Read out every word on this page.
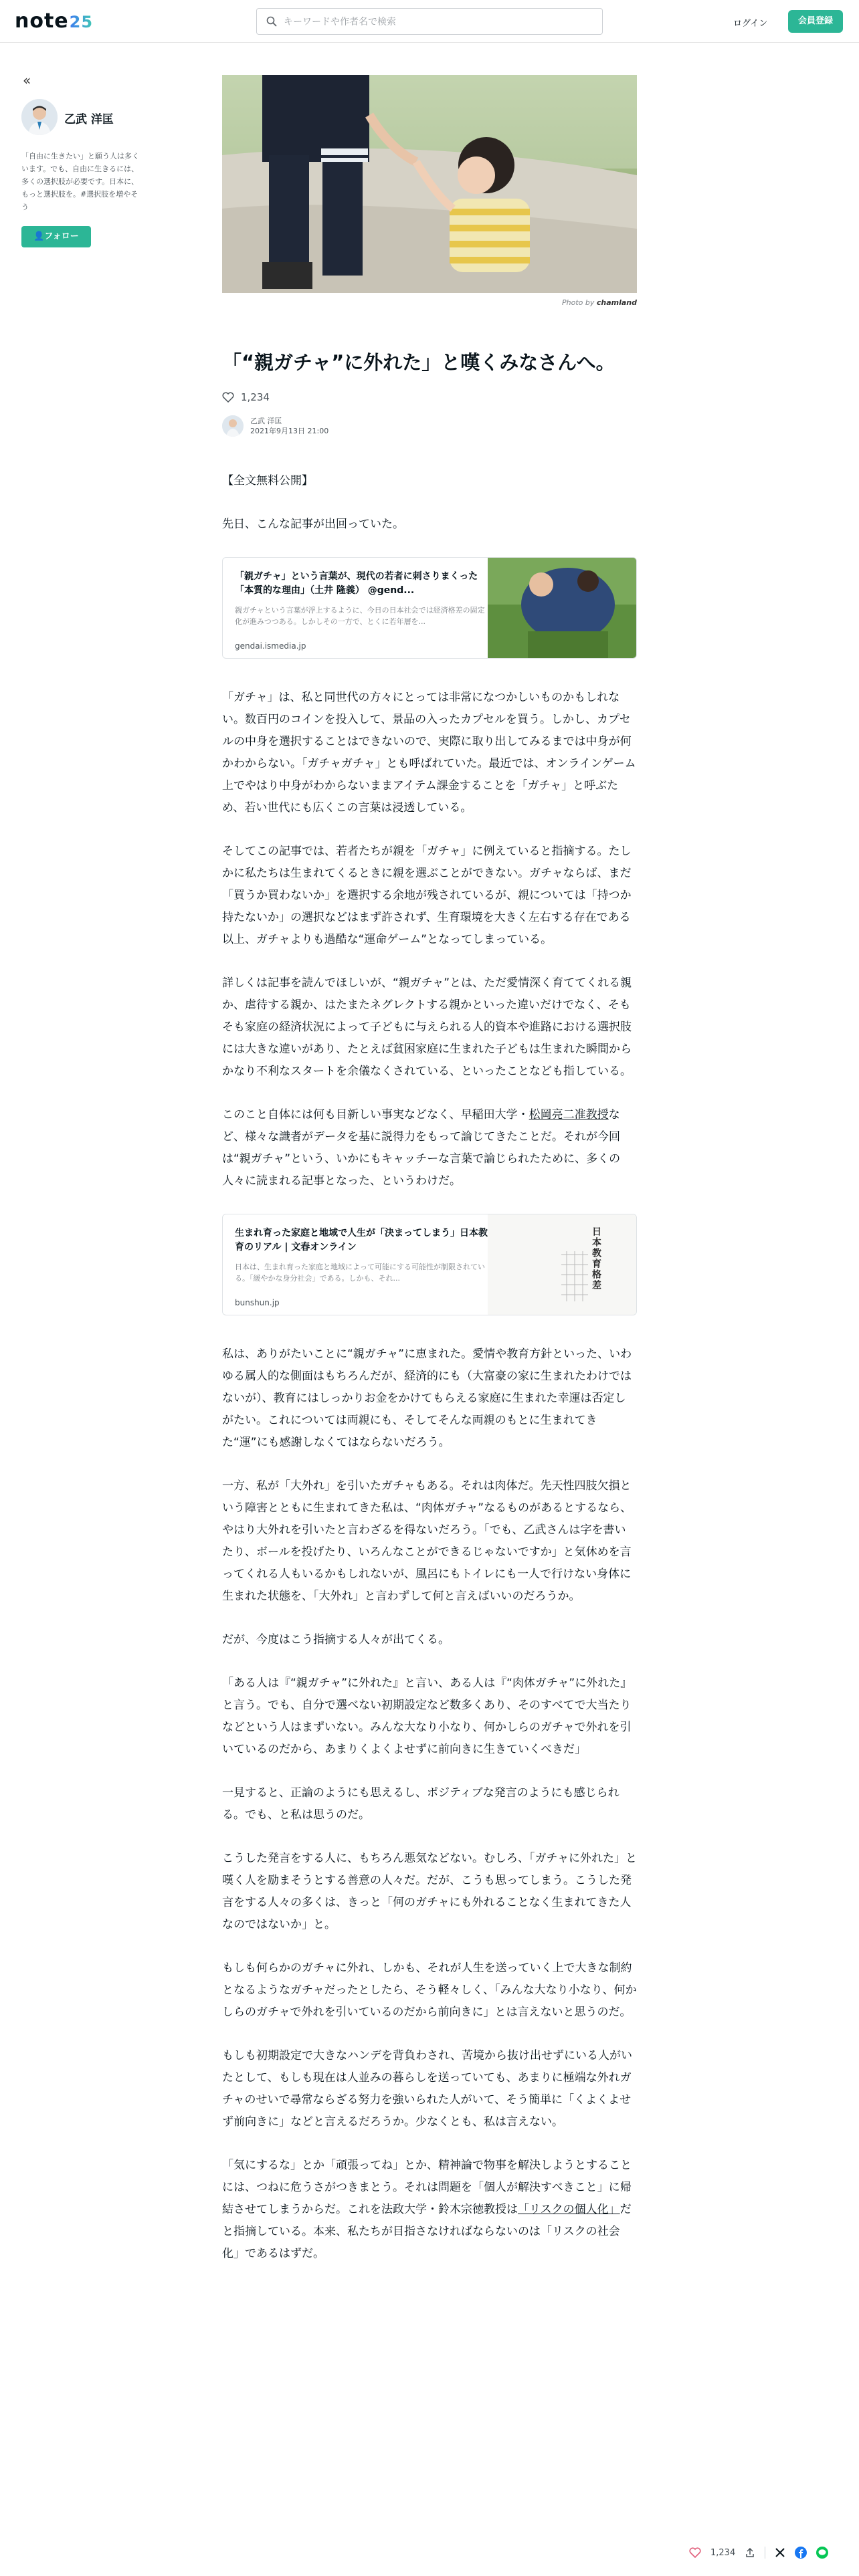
note25
キーワードや作者名で検索	ログイン	会員登録
«
乙武 洋匡
「自由に生きたい」と願う人は多くいます。でも、自由に生きるには、多くの選択肢が必要です。日本に、もっと選択肢を。#選択肢を増やそう
👤フォロー
Photo by chamland
「“親ガチャ”に外れた」と嘆くみなさんへ。
1,234
乙武 洋匡
2021年9月13日 21:00

【全文無料公開】

先日、こんな記事が出回っていた。

「親ガチャ」という言葉が、現代の若者に刺さりまくった「本質的な理由」（土井 隆義） @gend...
親ガチャという言葉が浮上するように、今日の日本社会では経済格差の固定化が進みつつある。しかしその一方で、とくに若年層を...
gendai.ismedia.jp

「ガチャ」は、私と同世代の方々にとっては非常になつかしいものかもしれない。数百円のコインを投入して、景品の入ったカプセルを買う。しかし、カプセルの中身を選択することはできないので、実際に取り出してみるまでは中身が何かわからない。「ガチャガチャ」とも呼ばれていた。最近では、オンラインゲーム上でやはり中身がわからないままアイテム課金することを「ガチャ」と呼ぶため、若い世代にも広くこの言葉は浸透している。

そしてこの記事では、若者たちが親を「ガチャ」に例えていると指摘する。たしかに私たちは生まれてくるときに親を選ぶことができない。ガチャならば、まだ「買うか買わないか」を選択する余地が残されているが、親については「持つか持たないか」の選択などはまず許されず、生育環境を大きく左右する存在である以上、ガチャよりも過酷な“運命ゲーム”となってしまっている。

詳しくは記事を読んでほしいが、“親ガチャ”とは、ただ愛情深く育ててくれる親か、虐待する親か、はたまたネグレクトする親かといった違いだけでなく、そもそも家庭の経済状況によって子どもに与えられる人的資本や進路における選択肢には大きな違いがあり、たとえば貧困家庭に生まれた子どもは生まれた瞬間からかなり不利なスタートを余儀なくされている、といったことなども指している。

このこと自体には何も目新しい事実などなく、早稲田大学・松岡亮二准教授など、様々な識者がデータを基に説得力をもって論じてきたことだ。それが今回は“親ガチャ”という、いかにもキャッチーな言葉で論じられたために、多くの人々に読まれる記事となった、というわけだ。

生まれ育った家庭と地域で人生が「決まってしまう」日本教育のリアル | 文春オンライン
日本は、生まれ育った家庭と地域によって可能にする可能性が制限されている。「緩やかな身分社会」である。しかも、それ...
bunshun.jp
日本教育格差

私は、ありがたいことに“親ガチャ”に恵まれた。愛情や教育方針といった、いわゆる属人的な側面はもちろんだが、経済的にも（大富豪の家に生まれたわけではないが）、教育にはしっかりお金をかけてもらえる家庭に生まれた幸運は否定しがたい。これについては両親にも、そしてそんな両親のもとに生まれてきた“運”にも感謝しなくてはならないだろう。

一方、私が「大外れ」を引いたガチャもある。それは肉体だ。先天性四肢欠損という障害とともに生まれてきた私は、“肉体ガチャ”なるものがあるとするなら、やはり大外れを引いたと言わざるを得ないだろう。「でも、乙武さんは字を書いたり、ボールを投げたり、いろんなことができるじゃないですか」と気休めを言ってくれる人もいるかもしれないが、風呂にもトイレにも一人で行けない身体に生まれた状態を、「大外れ」と言わずして何と言えばいいのだろうか。

だが、今度はこう指摘する人々が出てくる。

「ある人は『“親ガチャ”に外れた』と言い、ある人は『“肉体ガチャ”に外れた』と言う。でも、自分で選べない初期設定など数多くあり、そのすべてで大当たりなどという人はまずいない。みんな大なり小なり、何かしらのガチャで外れを引いているのだから、あまりくよくよせずに前向きに生きていくべきだ」

一見すると、正論のようにも思えるし、ポジティブな発言のようにも感じられる。でも、と私は思うのだ。

こうした発言をする人に、もちろん悪気などない。むしろ、「ガチャに外れた」と嘆く人を励まそうとする善意の人々だ。だが、こうも思ってしまう。こうした発言をする人々の多くは、きっと「何のガチャにも外れることなく生まれてきた人なのではないか」と。

もしも何らかのガチャに外れ、しかも、それが人生を送っていく上で大きな制約となるようなガチャだったとしたら、そう軽々しく、「みんな大なり小なり、何かしらのガチャで外れを引いているのだから前向きに」とは言えないと思うのだ。

もしも初期設定で大きなハンデを背負わされ、苦境から抜け出せずにいる人がいたとして、もしも現在は人並みの暮らしを送っていても、あまりに極端な外れガチャのせいで尋常ならざる努力を強いられた人がいて、そう簡単に「くよくよせず前向きに」などと言えるだろうか。少なくとも、私は言えない。

「気にするな」とか「頑張ってね」とか、精神論で物事を解決しようとすることには、つねに危うさがつきまとう。それは問題を「個人が解決すべきこと」に帰結させてしまうからだ。これを法政大学・鈴木宗徳教授は「リスクの個人化」だと指摘している。本来、私たちが目指さなければならないのは「リスクの社会化」であるはずだ。

1,234
